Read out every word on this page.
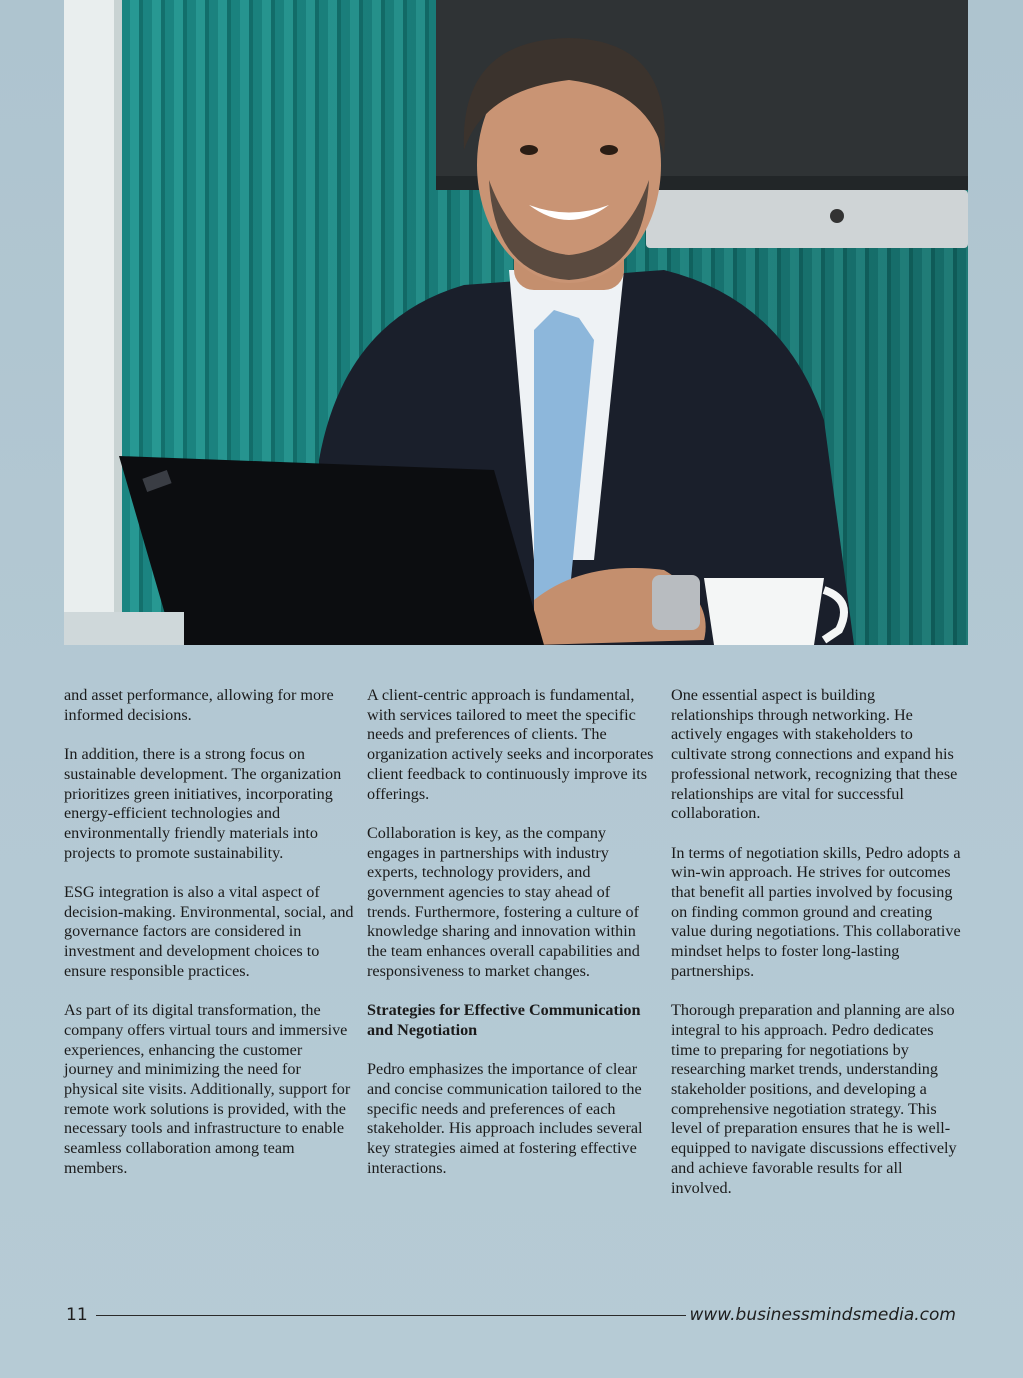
and asset performance, allowing for more informed decisions.

In addition, there is a strong focus on sustainable development. The organization prioritizes green initiatives, incorporating energy-efficient technologies and environmentally friendly materials into projects to promote sustainability.

ESG integration is also a vital aspect of decision-making. Environmental, social, and governance factors are considered in investment and development choices to ensure responsible practices.

As part of its digital transformation, the company offers virtual tours and immersive experiences, enhancing the customer journey and minimizing the need for physical site visits. Additionally, support for remote work solutions is provided, with the necessary tools and infrastructure to enable seamless collaboration among team members.

A client-centric approach is fundamental, with services tailored to meet the specific needs and preferences of clients. The organization actively seeks and incorporates client feedback to continuously improve its offerings.

Collaboration is key, as the company engages in partnerships with industry experts, technology providers, and government agencies to stay ahead of trends. Furthermore, fostering a culture of knowledge sharing and innovation within the team enhances overall capabilities and responsiveness to market changes.

Strategies for Effective Communication and Negotiation

Pedro emphasizes the importance of clear and concise communication tailored to the specific needs and preferences of each stakeholder. His approach includes several key strategies aimed at fostering effective interactions.

One essential aspect is building relationships through networking. He actively engages with stakeholders to cultivate strong connections and expand his professional network, recognizing that these relationships are vital for successful collaboration.

In terms of negotiation skills, Pedro adopts a win-win approach. He strives for outcomes that benefit all parties involved by focusing on finding common ground and creating value during negotiations. This collaborative mindset helps to foster long-lasting partnerships.

Thorough preparation and planning are also integral to his approach. Pedro dedicates time to preparing for negotiations by researching market trends, understanding stakeholder positions, and developing a comprehensive negotiation strategy. This level of preparation ensures that he is well-equipped to navigate discussions effectively and achieve favorable results for all involved.

11	www.businessmindsmedia.com
